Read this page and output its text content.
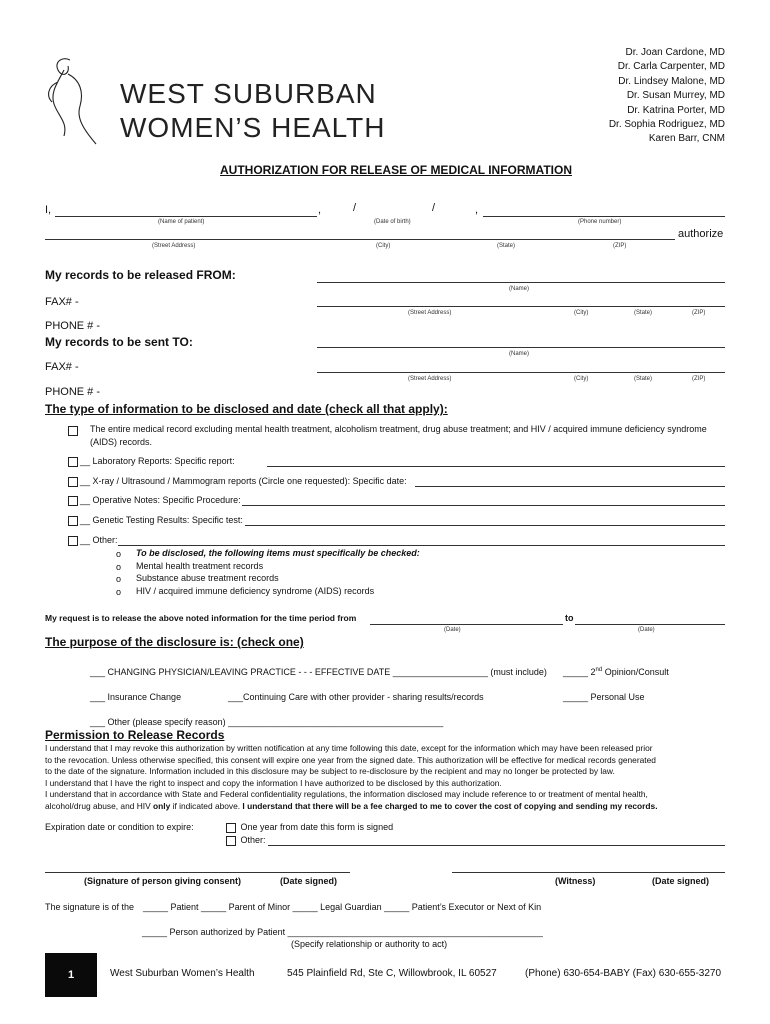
WEST SUBURBAN
WOMEN’S HEALTH
Dr. Joan Cardone, MD
Dr. Carla Carpenter, MD
Dr. Lindsey Malone, MD
Dr. Susan Murrey, MD
Dr. Katrina Porter, MD
Dr. Sophia Rodriguez, MD
Karen Barr, CNM
AUTHORIZATION FOR RELEASE OF MEDICAL INFORMATION
I,	,	/	/	,
(Name of patient)	(Date of birth)	(Phone number)
authorize
(Street Address)	(City)	(State)	(ZIP)
My records to be released FROM:
FAX# -
PHONE # -
(Name)
(Street Address)	(City)	(State)	(ZIP)
My records to be sent TO:
FAX# -
PHONE # -
(Name)
(Street Address)	(City)	(State)	(ZIP)
The type of information to be disclosed and date (check all that apply):
The entire medical record excluding mental health treatment, alcoholism treatment, drug abuse treatment; and HIV / acquired immune deficiency syndrome
(AIDS) records.
__ Laboratory Reports: Specific report:
__ X-ray / Ultrasound / Mammogram reports (Circle one requested): Specific date:
__ Operative Notes: Specific Procedure:
__ Genetic Testing Results: Specific test:
__ Other:
o To be disclosed, the following items must specifically be checked:
o Mental health treatment records
o Substance abuse treatment records
o HIV / acquired immune deficiency syndrome (AIDS) records
My request is to release the above noted information for the time period from	to
(Date)	(Date)
The purpose of the disclosure is: (check one)
___ CHANGING PHYSICIAN/LEAVING PRACTICE - - - EFFECTIVE DATE ___________________ (must include) _____ 2nd Opinion/Consult
___ Insurance Change	___Continuing Care with other provider - sharing results/records	_____ Personal Use
___ Other (please specify reason) ___________________________________________
Permission to Release Records
I understand that I may revoke this authorization by written notification at any time following this date, except for the information which may have been released prior
to the revocation. Unless otherwise specified, this consent will expire one year from the signed date. This authorization will be effective for medical records generated
to the date of the signature. Information included in this disclosure may be subject to re-disclosure by the recipient and may no longer be protected by law.
I understand that I have the right to inspect and copy the information I have authorized to be disclosed by this authorization.
I understand that in accordance with State and Federal confidentiality regulations, the information disclosed may include reference to or treatment of mental health,
alcohol/drug abuse, and HIV only if indicated above. I understand that there will be a fee charged to me to cover the cost of copying and sending my records.
Expiration date or condition to expire:	One year from date this form is signed
Other:
(Signature of person giving consent)	(Date signed)	(Witness)	(Date signed)
The signature is of the _____ Patient _____ Parent of Minor _____ Legal Guardian _____ Patient’s Executor or Next of Kin
_____ Person authorized by Patient ___________________________________________________
(Specify relationship or authority to act)
1	West Suburban Women’s Health	545 Plainfield Rd, Ste C, Willowbrook, IL 60527	(Phone) 630-654-BABY (Fax) 630-655-3270
